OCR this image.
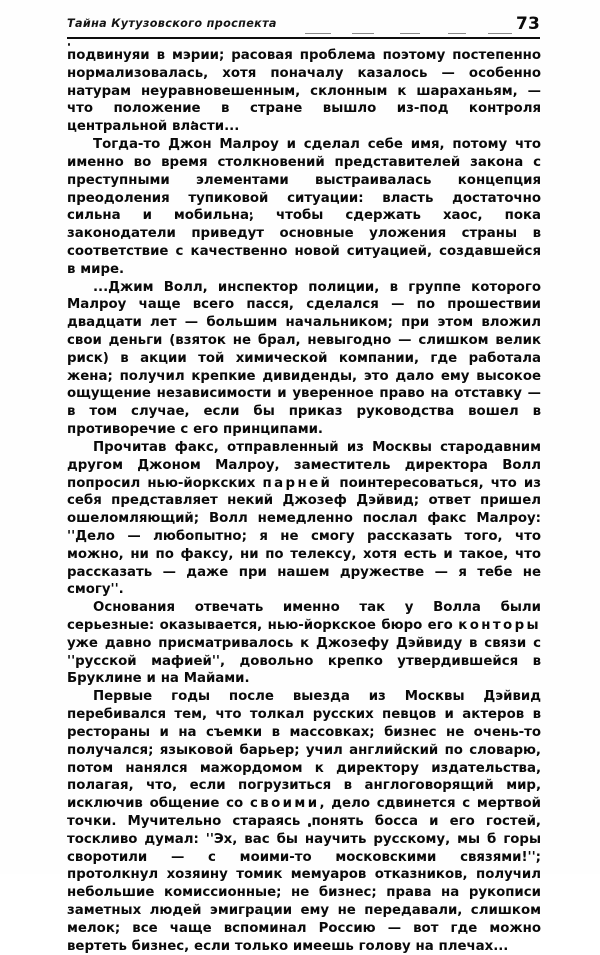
Тайна Кутузовского проспекта	73

подвинуяи в мэрии; расовая проблема поэтому постепенно нормализовалась, хотя поначалу казалось — особенно натурам неуравновешенным, склонным к шараханьям, — что положение в стране вышло из-под контроля центральной власти...

Тогда-то Джон Малроу и сделал себе имя, потому что именно во время столкновений представителей закона с преступными элементами выстраивалась концепция преодоления тупиковой ситуации: власть достаточно сильна и мобильна, чтобы сдержать хаос, пока законодатели приведут основные уложения страны в соответствие с качественно новой ситуацией, создавшейся в мире.

...Джим Волл, инспектор полиции, в группе которого Малроу чаще всего пасся, сделался — по прошествии двадцати лет — большим начальником; при этом вложил свои деньги (взяток не брал, невыгодно — слишком велик риск) в акции той химической компании, где работала жена; получил крепкие дивиденды, это дало ему высокое ощущение независимости и уверенное право на отставку — в том случае, если бы приказ руководства вошел в противоречие с его принципами.

Прочитав факс, отправленный из Москвы стародавним другом Джоном Малроу, заместитель директора Волл попросил нью-йоркских парней поинтересоваться, что из себя представляет некий Джозеф Дэйвид; ответ пришел ошеломляющий; Волл немедленно послал факс Малроу: ''Дело — любопытно; я не смогу рассказать того, что можно, ни по факсу, ни по телексу, хотя есть и такое, что рассказать — даже при нашем дружестве — я тебе не смогу''.

Основания отвечать именно так у Волла были серьезные: оказывается, нью-йоркское бюро его конторы уже давно присматривалось к Джозефу Дэйвиду в связи с ''русской мафией'', довольно крепко утвердившейся в Бруклине и на Майами.

Первые годы после выезда из Москвы Дэйвид перебивался тем, что толкал русских певцов и актеров в рестораны и на съемки в массовках; бизнес не очень-то получался; языковой барьер; учил английский по словарю, потом нанялся мажордомом к директору издательства, полагая, что, если погрузиться в англоговорящий мир, исключив общение со своими, дело сдвинется с мертвой точки. Мучительно стараясь понять босса и его гостей, тоскливо думал: ''Эх, вас бы научить русскому, мы б горы своротили — с моими-то московскими связями!''; протолкнул хозяину томик мемуаров отказников, получил небольшие комиссионные; не бизнес; права на рукописи заметных людей эмиграции ему не передавали, слишком мелок; все чаще вспоминал Россию — вот где можно вертеть бизнес, если только имеешь голову на плечах...
